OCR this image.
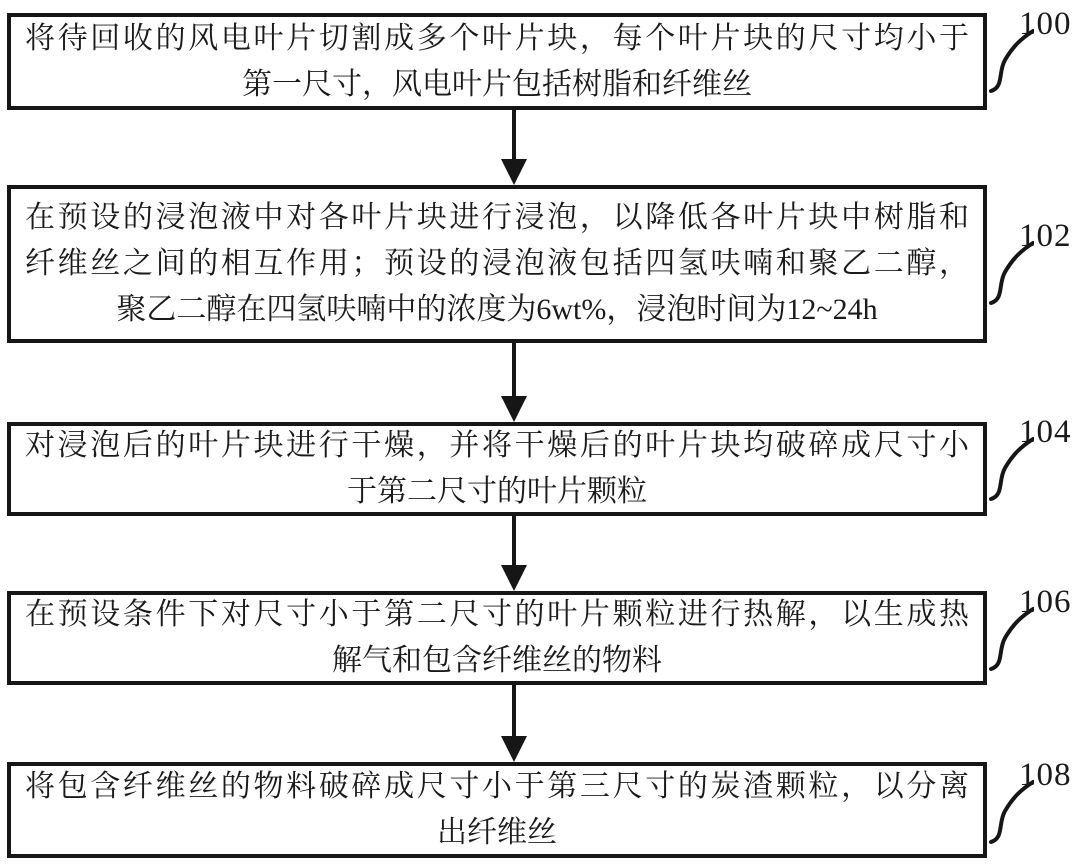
将待回收的风电叶片切割成多个叶片块，每个叶片块的尺寸均小于
第一尺寸，风电叶片包括树脂和纤维丝
100
在预设的浸泡液中对各叶片块进行浸泡，以降低各叶片块中树脂和
纤维丝之间的相互作用；预设的浸泡液包括四氢呋喃和聚乙二醇，
聚乙二醇在四氢呋喃中的浓度为6wt%，浸泡时间为12~24h
102
对浸泡后的叶片块进行干燥，并将干燥后的叶片块均破碎成尺寸小
于第二尺寸的叶片颗粒
104
在预设条件下对尺寸小于第二尺寸的叶片颗粒进行热解，以生成热
解气和包含纤维丝的物料
106
将包含纤维丝的物料破碎成尺寸小于第三尺寸的炭渣颗粒，以分离
出纤维丝
108
